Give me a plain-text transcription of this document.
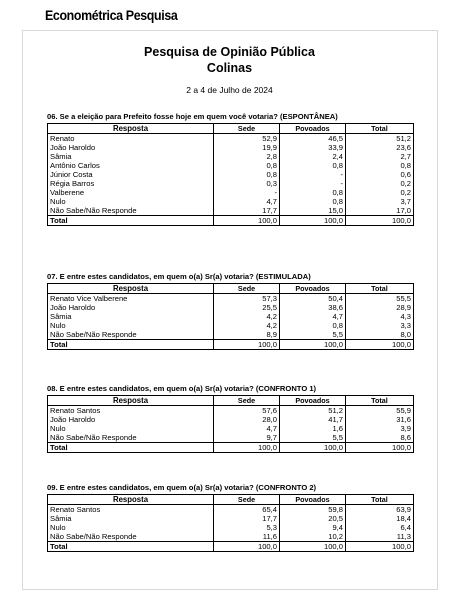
Econométrica Pesquisa
Pesquisa de Opinião Pública
Colinas
2 a 4 de Julho de 2024
06. Se a eleição para Prefeito fosse hoje em quem você votaria? (ESPONTÂNEA)
Resposta	Sede	Povoados	Total
Renato	52,9	46,5	51,2
João Haroldo	19,9	33,9	23,6
Sâmia	2,8	2,4	2,7
Antônio Carlos	0,8	0,8	0,8
Júnior Costa	0,8	-	0,6
Régia Barros	0,3	-	0,2
Valberene	-	0,8	0,2
Nulo	4,7	0,8	3,7
Não Sabe/Não Responde	17,7	15,0	17,0
Total	100,0	100,0	100,0
07. E entre estes candidatos, em quem o(a) Sr(a) votaria? (ESTIMULADA)
Resposta	Sede	Povoados	Total
Renato Vice Valberene	57,3	50,4	55,5
João Haroldo	25,5	38,6	28,9
Sâmia	4,2	4,7	4,3
Nulo	4,2	0,8	3,3
Não Sabe/Não Responde	8,9	5,5	8,0
Total	100,0	100,0	100,0
08. E entre estes candidatos, em quem o(a) Sr(a) votaria? (CONFRONTO 1)
Resposta	Sede	Povoados	Total
Renato Santos	57,6	51,2	55,9
João Haroldo	28,0	41,7	31,6
Nulo	4,7	1,6	3,9
Não Sabe/Não Responde	9,7	5,5	8,6
Total	100,0	100,0	100,0
09. E entre estes candidatos, em quem o(a) Sr(a) votaria? (CONFRONTO 2)
Resposta	Sede	Povoados	Total
Renato Santos	65,4	59,8	63,9
Sâmia	17,7	20,5	18,4
Nulo	5,3	9,4	6,4
Não Sabe/Não Responde	11,6	10,2	11,3
Total	100,0	100,0	100,0
